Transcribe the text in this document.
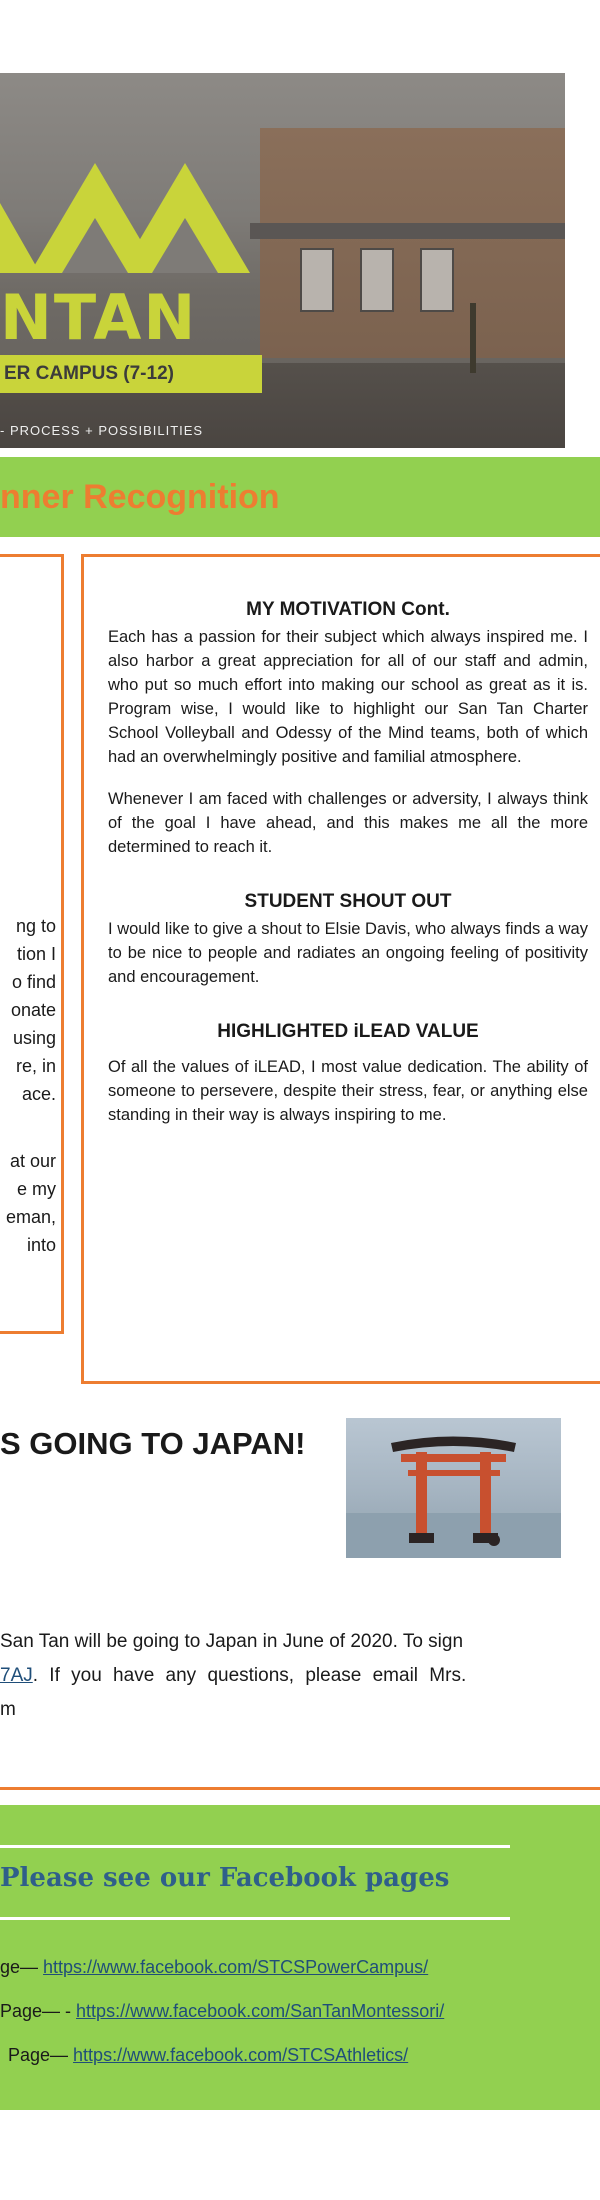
NTAN
ER CAMPUS (7-12)
- PROCESS + POSSIBILITIES
nner Recognition

ng to

tion I

o find

onate

using

re, in

ace.

at our

e my

eman,

into

MY MOTIVATION Cont.

Each has a passion for their subject which always inspired me. I also harbor a great appreciation for all of our staff and admin, who put so much effort into making our school as great as it is. Program wise, I would like to highlight our San Tan Charter School Volleyball and Odessy of the Mind teams, both of which had an overwhelmingly positive and familial atmosphere.

Whenever I am faced with challenges or adversity, I always think of the goal I have ahead, and this makes me all the more determined to reach it.

STUDENT SHOUT OUT

I would like to give a shout to Elsie Davis, who always finds a way to be nice to people and radiates an ongoing feeling of positivity and encouragement.

HIGHLIGHTED iLEAD VALUE

Of all the values of iLEAD, I most value dedication. The ability of someone to persevere, despite their stress, fear, or anything else standing in their way is always inspiring to me.

S GOING TO JAPAN!
San Tan will be going to Japan in June of 2020. To sign
7AJ. If you have any questions, please email Mrs.
m
Please see our Facebook pages
ge— https://www.facebook.com/STCSPowerCampus/
Page— - https://www.facebook.com/SanTanMontessori/
Page— https://www.facebook.com/STCSAthletics/
